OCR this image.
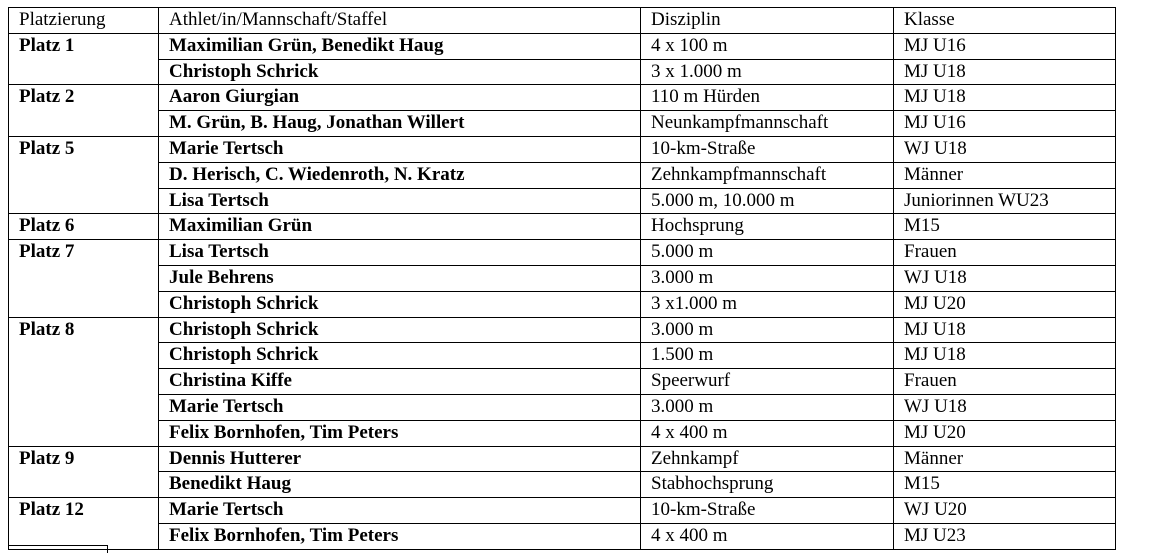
Platzierung	Athlet/in/Mannschaft/Staffel	Disziplin	Klasse
Platz 1	Maximilian Grün, Benedikt Haug	4 x 100 m	MJ U16
	Christoph Schrick	3 x 1.000 m	MJ U18
Platz 2	Aaron Giurgian	110 m Hürden	MJ U18
	M. Grün, B. Haug, Jonathan Willert	Neunkampfmannschaft	MJ U16
Platz 5	Marie Tertsch	10-km-Straße	WJ U18
	D. Herisch, C. Wiedenroth, N. Kratz	Zehnkampfmannschaft	Männer
	Lisa Tertsch	5.000 m, 10.000 m	Juniorinnen WU23
Platz 6	Maximilian Grün	Hochsprung	M15
Platz 7	Lisa Tertsch	5.000 m	Frauen
	Jule Behrens	3.000 m	WJ U18
	Christoph Schrick	3 x1.000 m	MJ U20
Platz 8	Christoph Schrick	3.000 m	MJ U18
	Christoph Schrick	1.500 m	MJ U18
	Christina Kiffe	Speerwurf	Frauen
	Marie Tertsch	3.000 m	WJ U18
	Felix Bornhofen, Tim Peters	4 x 400 m	MJ U20
Platz 9	Dennis Hutterer	Zehnkampf	Männer
	Benedikt Haug	Stabhochsprung	M15
Platz 12	Marie Tertsch	10-km-Straße	WJ U20
	Felix Bornhofen, Tim Peters	4 x 400 m	MJ U23
